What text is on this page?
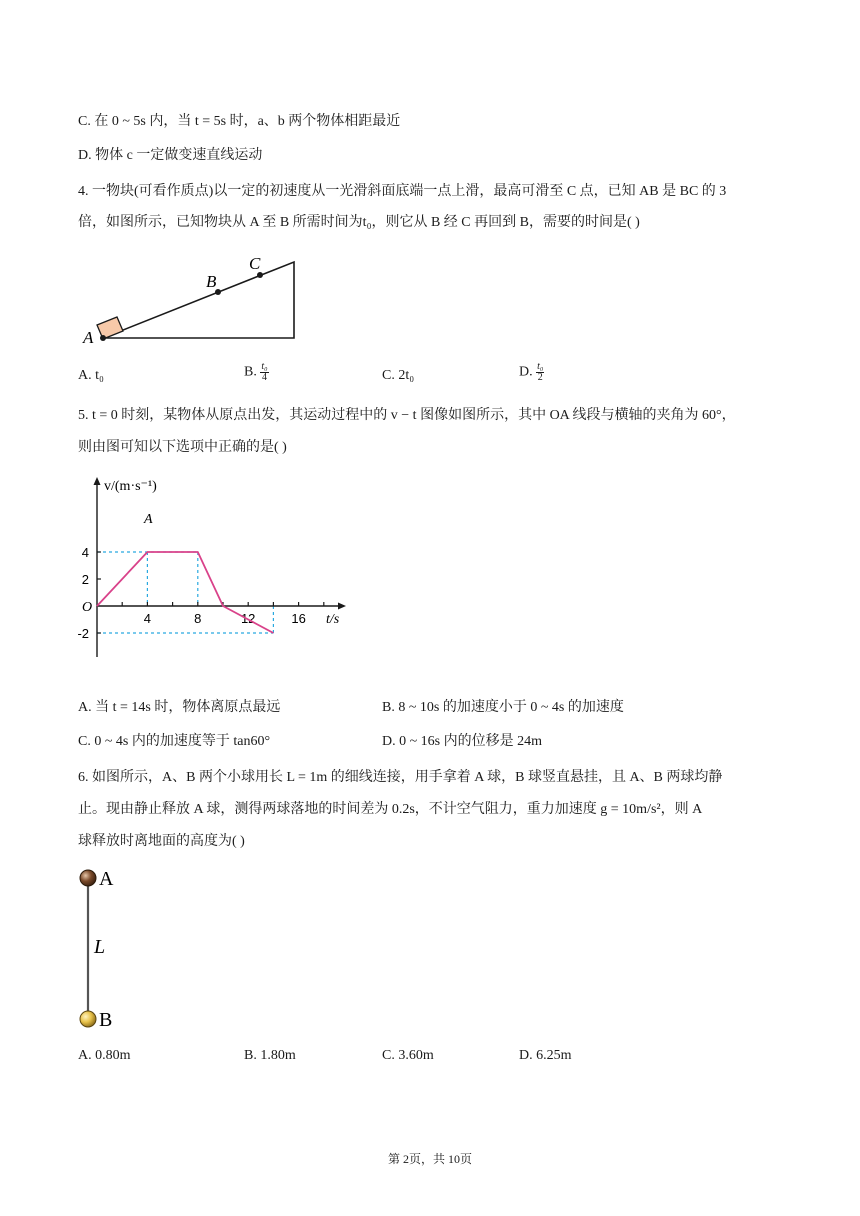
C. 在 0 ~ 5s 内，当 t = 5s 时，a、b 两个物体相距最近
D. 物体 c 一定做变速直线运动
4. 一物块(可看作质点)以一定的初速度从一光滑斜面底端一点上滑，最高可滑至 C 点，已知 AB 是 BC 的 3
倍，如图所示，已知物块从 A 至 B 所需时间为t₀，则它从 B 经 C 再回到 B，需要的时间是( )
A
B
C
A. t₀	B. $\frac{\text{t₀}}{4}$	C. 2t₀	D. $\frac{\text{t₀}}{2}$
5. t = 0 时刻，某物体从原点出发，其运动过程中的 v − t 图像如图所示，其中 OA 线段与横轴的夹角为 60°，
则由图可知以下选项中正确的是( )
4	8	12	16
4
2
-2
v/(m·s⁻¹)
t/s
O
A
A. 当 t = 14s 时，物体离原点最远	B. 8 ~ 10s 的加速度小于 0 ~ 4s 的加速度
C. 0 ~ 4s 内的加速度等于 tan60°	D. 0 ~ 16s 内的位移是 24m
6. 如图所示，A、B 两个小球用长 L = 1m 的细线连接，用手拿着 A 球，B 球竖直悬挂，且 A、B 两球均静
止。现由静止释放 A 球，测得两球落地的时间差为 0.2s，不计空气阻力，重力加速度 g = 10m/s²，则 A
球释放时离地面的高度为( )
A
B
L
A. 0.80m	B. 1.80m	C. 3.60m	D. 6.25m
第 2页，共 10页
